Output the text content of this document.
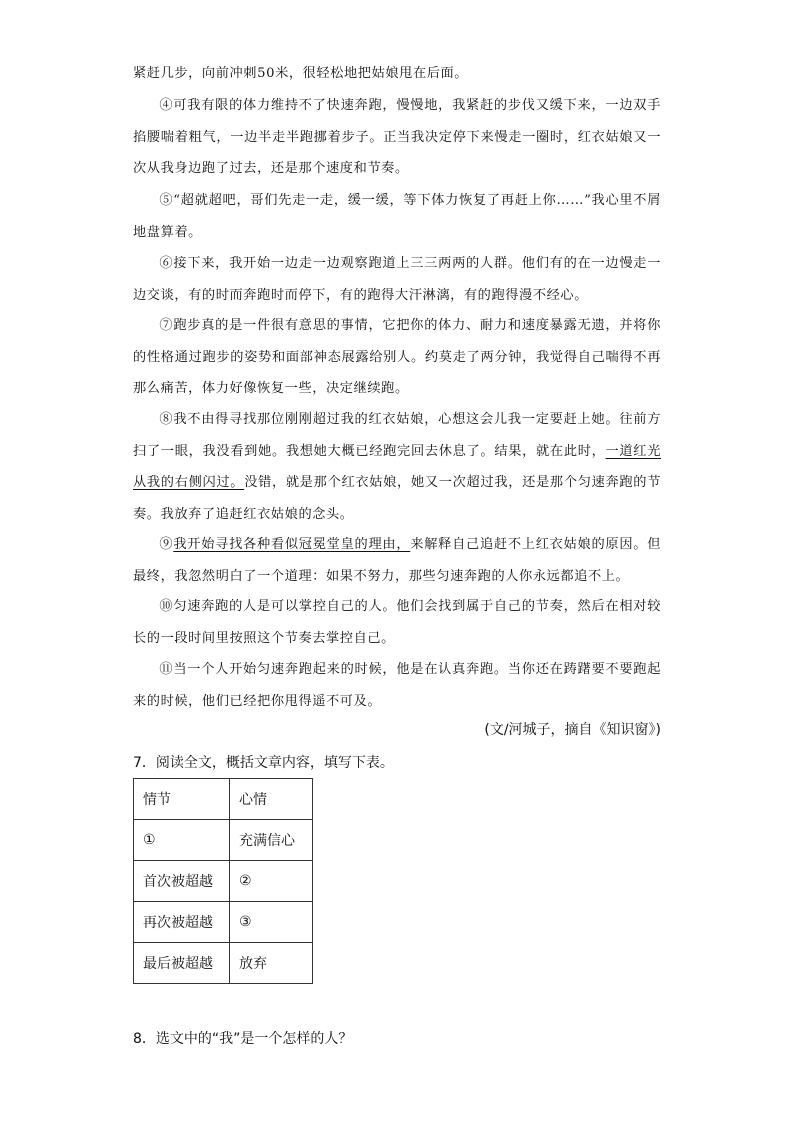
紧赶几步，向前冲刺50米，很轻松地把姑娘甩在后面。

④可我有限的体力维持不了快速奔跑，慢慢地，我紧赶的步伐又缓下来，一边双手掐腰喘着粗气，一边半走半跑挪着步子。正当我决定停下来慢走一圈时，红衣姑娘又一次从我身边跑了过去，还是那个速度和节奏。

⑤“超就超吧，哥们先走一走，缓一缓，等下体力恢复了再赶上你……”我心里不屑地盘算着。

⑥接下来，我开始一边走一边观察跑道上三三两两的人群。他们有的在一边慢走一边交谈，有的时而奔跑时而停下，有的跑得大汗淋漓，有的跑得漫不经心。

⑦跑步真的是一件很有意思的事情，它把你的体力、耐力和速度暴露无遗，并将你的性格通过跑步的姿势和面部神态展露给别人。约莫走了两分钟，我觉得自己喘得不再那么痛苦，体力好像恢复一些，决定继续跑。

⑧我不由得寻找那位刚刚超过我的红衣姑娘，心想这会儿我一定要赶上她。往前方扫了一眼，我没看到她。我想她大概已经跑完回去休息了。结果，就在此时，一道红光从我的右侧闪过。没错，就是那个红衣姑娘，她又一次超过我，还是那个匀速奔跑的节奏。我放弃了追赶红衣姑娘的念头。

⑨我开始寻找各种看似冠冕堂皇的理由，来解释自己追赶不上红衣姑娘的原因。但最终，我忽然明白了一个道理：如果不努力，那些匀速奔跑的人你永远都追不上。

⑩匀速奔跑的人是可以掌控自己的人。他们会找到属于自己的节奏，然后在相对较长的一段时间里按照这个节奏去掌控自己。

⑪当一个人开始匀速奔跑起来的时候，他是在认真奔跑。当你还在踌躇要不要跑起来的时候，他们已经把你甩得遥不可及。

(文/河城子，摘自《知识窗》)
7．阅读全文，概括文章内容，填写下表。
情节	心情
①	充满信心
首次被超越	②
再次被超越	③
最后被超越	放弃
8．选文中的“我”是一个怎样的人？
